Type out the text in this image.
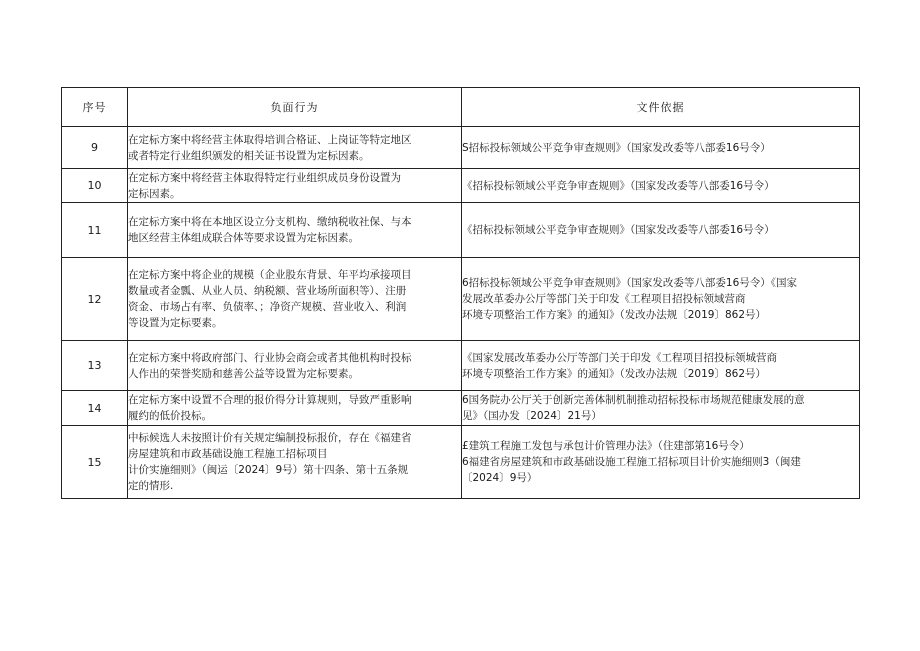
序号	负面行为	文件依据
9	在定标方案中将经营主体取得培训合格证、上岗证等特定地区
或者特定行业组织颁发的相关证书设置为定标因素。	S招标投标领域公平竞争审查规则》（国家发改委等八部委16号令）

10	在定标方案中将经营主体取得特定行业组织成员身份设置为
定标因素。	《招标投标领域公平竞争审查规则》（国家发改委等八部委16号令）

11	在定标方案中将在本地区设立分支机构、缴纳税收社保、与本
地区经营主体组成联合体等要求设置为定标因素。	《招标投标领域公平竞争审查规则》（国家发改委等八部委16号令）

12	在定标方案中将企业的规模（企业股东背景、年平均承接项目
数量或者金瓢、从业人员、纳税额、营业场所面积等）、注册
资金、市场占有率、负债率、；净资产规模、营业收入、利润
等设置为定标要素。	6招标投标领域公平竞争审查规则》（国家发改委等八部委16号令）《国家
发展改革委办公厅等部门关于印发《工程项目招投标领域营商
环境专项整治工作方案》的通知》（发改办法规〔2019〕862号）

13	在定标方案中将政府部门、行业协会商会或者其他机构时投标
人作出的荣誉奖励和慈善公益等设置为定标要素。	《国家发展改革委办公厅等部门关于印发《工程项目招投标领城营商
环境专项整治工作方案》的通知》（发改办法规〔2019〕862号）

14	在定标方案中设置不合理的报价得分计算规则，导致严重影响
履约的低价投标。	6国务院办公厅关于创新完善体制机制推动招标投标市场规范健康发展的意
见》（国办发〔2024〕21号）

15	中标候选人未按照计价有关规定编制投标报价，存在《福建省
房屋建筑和市政基础设施工程施工招标项目
计价实施细则》（闽运〔2024〕9号）第十四条、第十五条规
定的情形.	£建筑工程施工发包与承包计价管理办法》（住建部第16号令）
6福建省房屋建筑和市政基础设施工程施工招标项目计价实施细则3（闽建
〔2024〕9号）
